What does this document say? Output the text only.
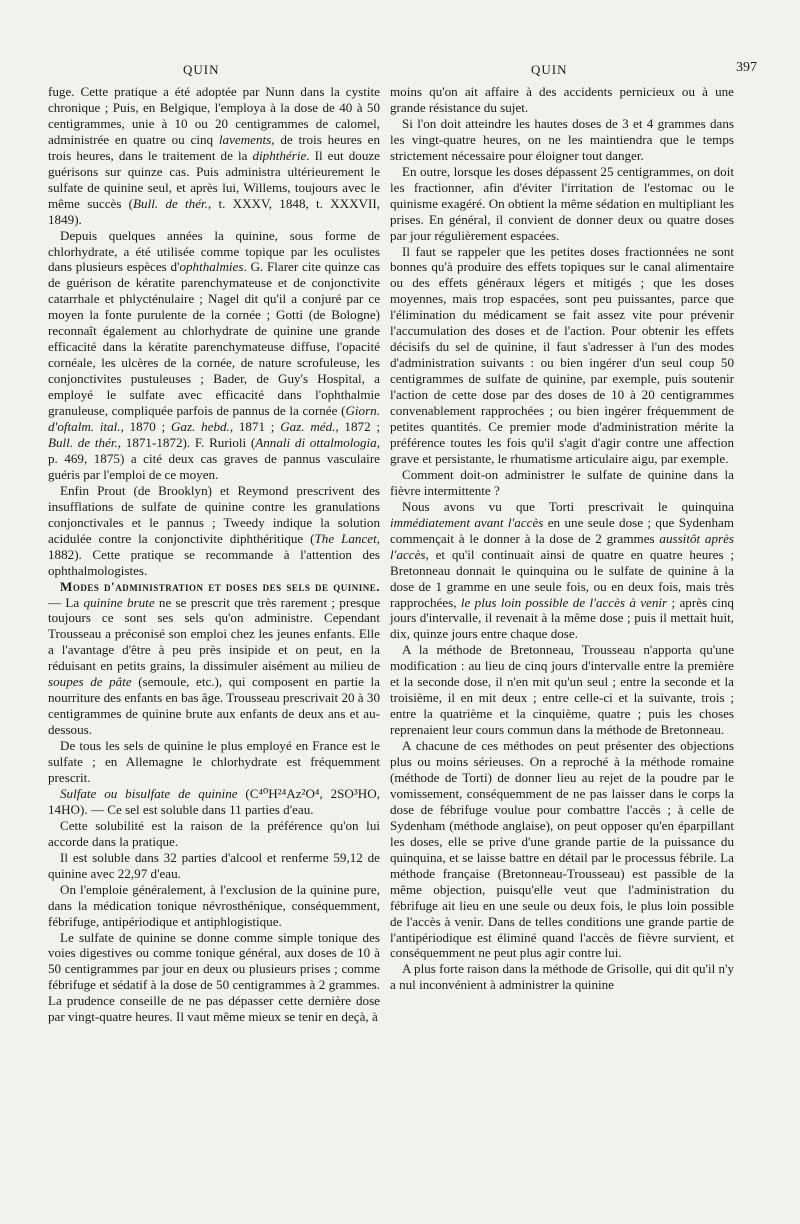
QUIN	QUIN	397

fuge. Cette pratique a été adoptée par Nunn dans la cystite chronique ; Puis, en Belgique, l'employa à la dose de 40 à 50 centigrammes, unie à 10 ou 20 centigrammes de calomel, administrée en quatre ou cinq lavements, de trois heures en trois heures, dans le traitement de la diphthérie. Il eut douze guérisons sur quinze cas. Puis administra ultérieurement le sulfate de quinine seul, et après lui, Willems, toujours avec le même succès (Bull. de thér., t. XXXV, 1848, t. XXXVII, 1849).

Depuis quelques années la quinine, sous forme de chlorhydrate, a été utilisée comme topique par les oculistes dans plusieurs espèces d'ophthalmies. G. Flarer cite quinze cas de guérison de kératite parenchymateuse et de conjonctivite catarrhale et phlycténulaire ; Nagel dit qu'il a conjuré par ce moyen la fonte purulente de la cornée ; Gotti (de Bologne) reconnaît également au chlorhydrate de quinine une grande efficacité dans la kératite parenchymateuse diffuse, l'opacité cornéale, les ulcères de la cornée, de nature scrofuleuse, les conjonctivites pustuleuses ; Bader, de Guy's Hospital, a employé le sulfate avec efficacité dans l'ophthalmie granuleuse, compliquée parfois de pannus de la cornée (Giorn. d'oftalm. ital., 1870 ; Gaz. hebd., 1871 ; Gaz. méd., 1872 ; Bull. de thér., 1871-1872). F. Rurioli (Annali di ottalmologia, p. 469, 1875) a cité deux cas graves de pannus vasculaire guéris par l'emploi de ce moyen.

Enfin Prout (de Brooklyn) et Reymond prescrivent des insufflations de sulfate de quinine contre les granulations conjonctivales et le pannus ; Tweedy indique la solution acidulée contre la conjonctivite diphthéritique (The Lancet, 1882). Cette pratique se recommande à l'attention des ophthalmologistes.

Modes d'administration et doses des sels de quinine. — La quinine brute ne se prescrit que très rarement ; presque toujours ce sont ses sels qu'on administre. Cependant Trousseau a préconisé son emploi chez les jeunes enfants. Elle a l'avantage d'être à peu près insipide et on peut, en la réduisant en petits grains, la dissimuler aisément au milieu de soupes de pâte (semoule, etc.), qui composent en partie la nourriture des enfants en bas âge. Trousseau prescrivait 20 à 30 centigrammes de quinine brute aux enfants de deux ans et au-dessous.

De tous les sels de quinine le plus employé en France est le sulfate ; en Allemagne le chlorhydrate est fréquemment prescrit.

Sulfate ou bisulfate de quinine (C⁴⁰H²⁴Az²O⁴, 2SO³HO, 14HO). — Ce sel est soluble dans 11 parties d'eau.

Cette solubilité est la raison de la préférence qu'on lui accorde dans la pratique.

Il est soluble dans 32 parties d'alcool et renferme 59,12 de quinine avec 22,97 d'eau.

On l'emploie généralement, à l'exclusion de la quinine pure, dans la médication tonique névrosthénique, conséquemment, fébrifuge, antipériodique et antiphlogistique.

Le sulfate de quinine se donne comme simple tonique des voies digestives ou comme tonique général, aux doses de 10 à 50 centigrammes par jour en deux ou plusieurs prises ; comme fébrifuge et sédatif à la dose de 50 centigrammes à 2 grammes. La prudence conseille de ne pas dépasser cette dernière dose par vingt-quatre heures. Il vaut même mieux se tenir en deçà, à

moins qu'on ait affaire à des accidents pernicieux ou à une grande résistance du sujet.

Si l'on doit atteindre les hautes doses de 3 et 4 grammes dans les vingt-quatre heures, on ne les maintiendra que le temps strictement nécessaire pour éloigner tout danger.

En outre, lorsque les doses dépassent 25 centigrammes, on doit les fractionner, afin d'éviter l'irritation de l'estomac ou le quinisme exagéré. On obtient la même sédation en multipliant les prises. En général, il convient de donner deux ou quatre doses par jour régulièrement espacées.

Il faut se rappeler que les petites doses fractionnées ne sont bonnes qu'à produire des effets topiques sur le canal alimentaire ou des effets généraux légers et mitigés ; que les doses moyennes, mais trop espacées, sont peu puissantes, parce que l'élimination du médicament se fait assez vite pour prévenir l'accumulation des doses et de l'action. Pour obtenir les effets décisifs du sel de quinine, il faut s'adresser à l'un des modes d'administration suivants : ou bien ingérer d'un seul coup 50 centigrammes de sulfate de quinine, par exemple, puis soutenir l'action de cette dose par des doses de 10 à 20 centigrammes convenablement rapprochées ; ou bien ingérer fréquemment de petites quantités. Ce premier mode d'administration mérite la préférence toutes les fois qu'il s'agit d'agir contre une affection grave et persistante, le rhumatisme articulaire aigu, par exemple.

Comment doit-on administrer le sulfate de quinine dans la fièvre intermittente ?

Nous avons vu que Torti prescrivait le quinquina immédiatement avant l'accès en une seule dose ; que Sydenham commençait à le donner à la dose de 2 grammes aussitôt après l'accès, et qu'il continuait ainsi de quatre en quatre heures ; Bretonneau donnait le quinquina ou le sulfate de quinine à la dose de 1 gramme en une seule fois, ou en deux fois, mais très rapprochées, le plus loin possible de l'accès à venir ; après cinq jours d'intervalle, il revenait à la même dose ; puis il mettait huit, dix, quinze jours entre chaque dose.

A la méthode de Bretonneau, Trousseau n'apporta qu'une modification : au lieu de cinq jours d'intervalle entre la première et la seconde dose, il n'en mit qu'un seul ; entre la seconde et la troisième, il en mit deux ; entre celle-ci et la suivante, trois ; entre la quatrième et la cinquième, quatre ; puis les choses reprenaient leur cours commun dans la méthode de Bretonneau.

A chacune de ces méthodes on peut présenter des objections plus ou moins sérieuses. On a reproché à la méthode romaine (méthode de Torti) de donner lieu au rejet de la poudre par le vomissement, conséquemment de ne pas laisser dans le corps la dose de fébrifuge voulue pour combattre l'accès ; à celle de Sydenham (méthode anglaise), on peut opposer qu'en éparpillant les doses, elle se prive d'une grande partie de la puissance du quinquina, et se laisse battre en détail par le processus fébrile. La méthode française (Bretonneau-Trousseau) est passible de la même objection, puisqu'elle veut que l'administration du fébrifuge ait lieu en une seule ou deux fois, le plus loin possible de l'accès à venir. Dans de telles conditions une grande partie de l'antipériodique est éliminé quand l'accès de fièvre survient, et conséquemment ne peut plus agir contre lui.

A plus forte raison dans la méthode de Grisolle, qui dit qu'il n'y a nul inconvénient à administrer la quinine
